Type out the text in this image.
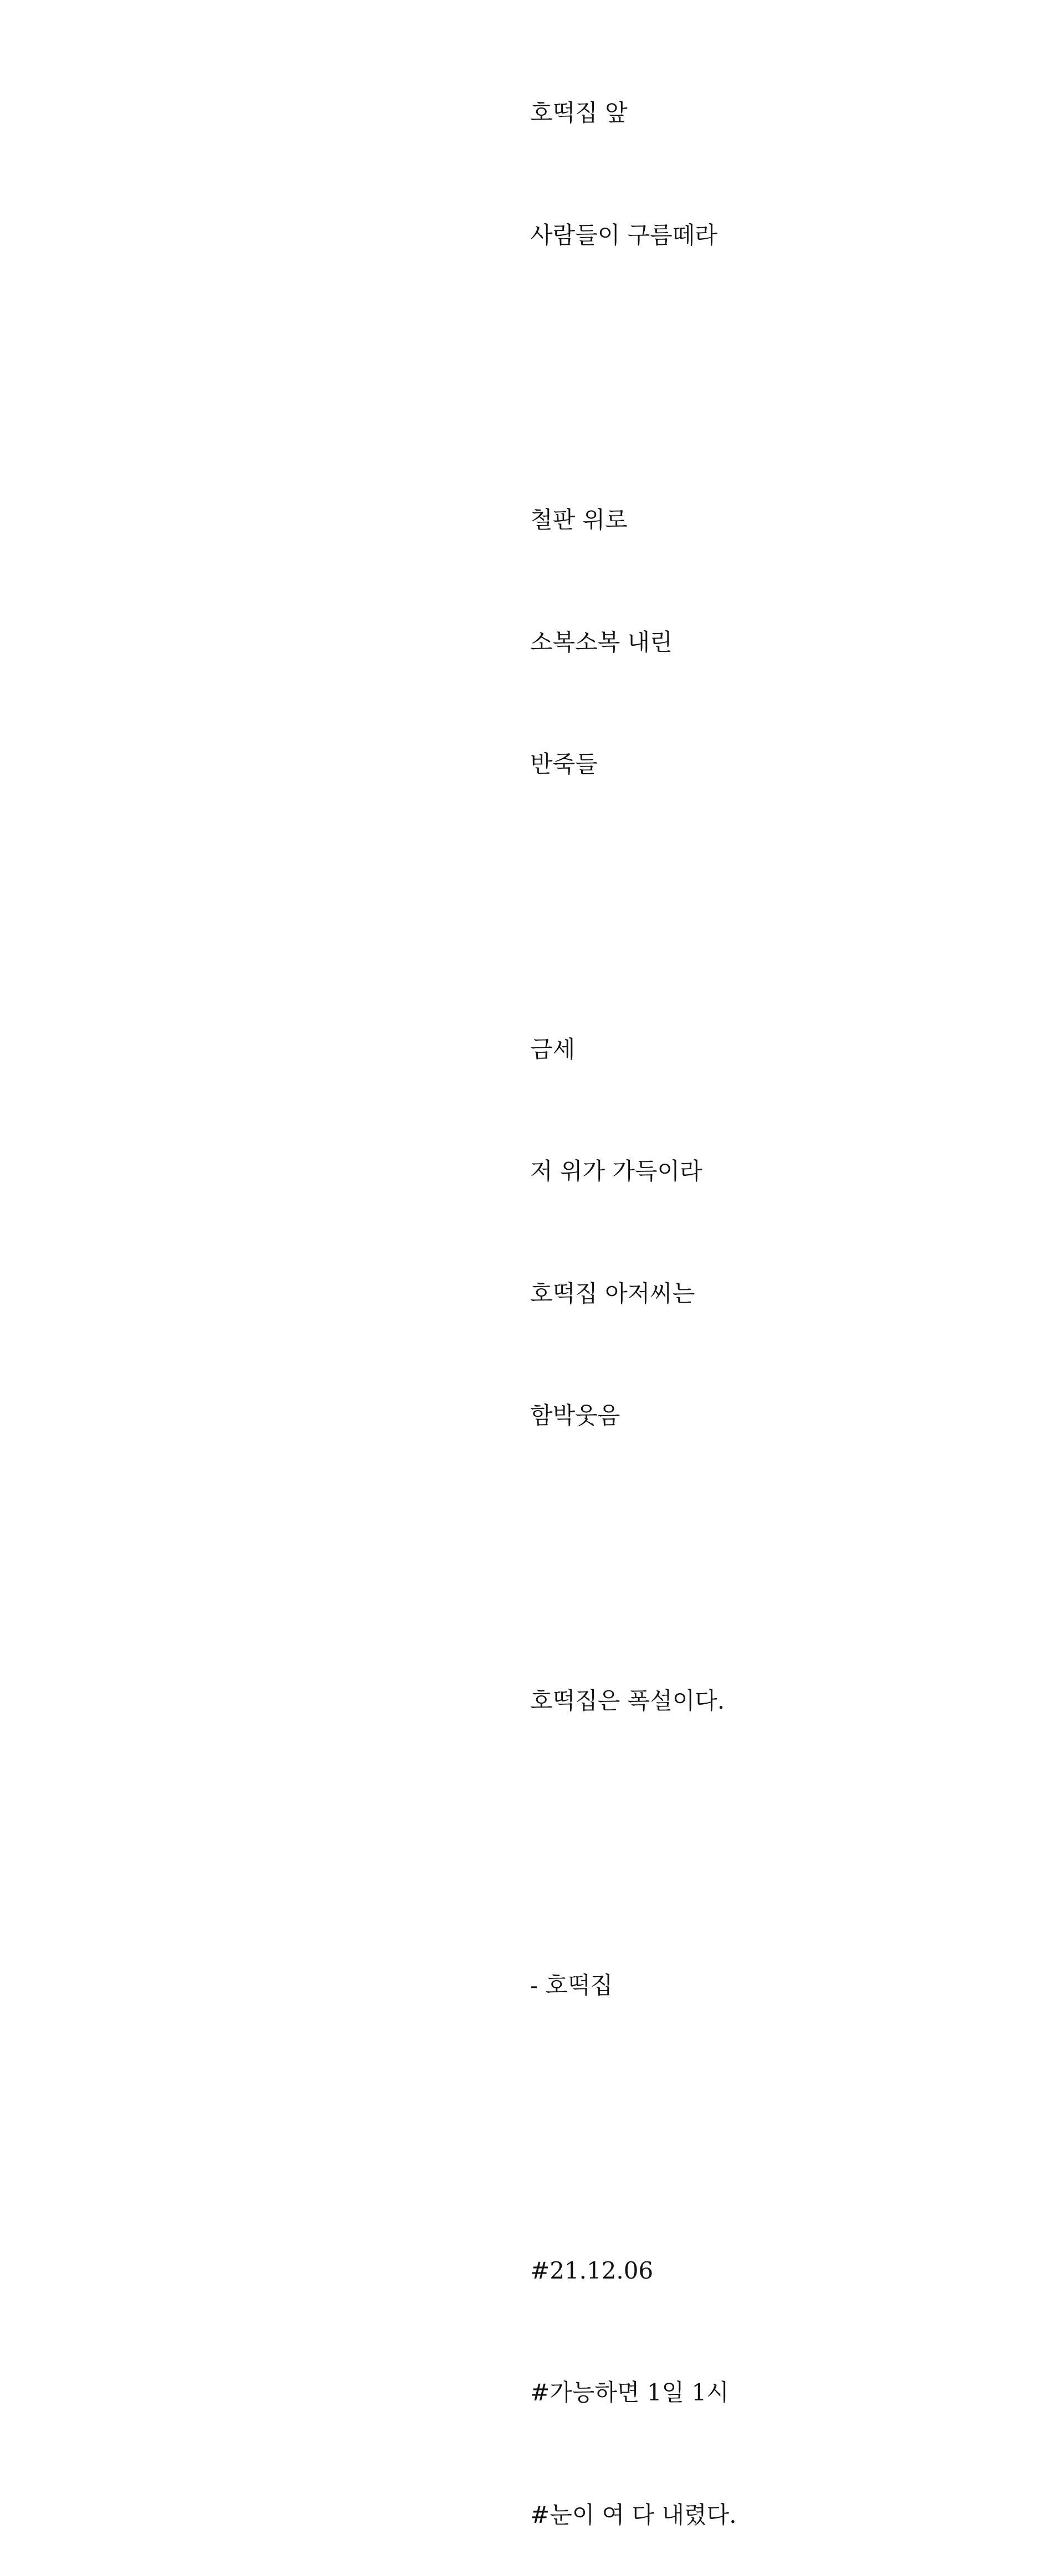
호떡집 앞

사람들이 구름떼라

철판 위로

소복소복 내린

반죽들

금세

저 위가 가득이라

호떡집 아저씨는

함박웃음

호떡집은 폭설이다.

- 호떡집

#21.12.06

#가능하면 1일 1시

#눈이 여 다 내렸다.
